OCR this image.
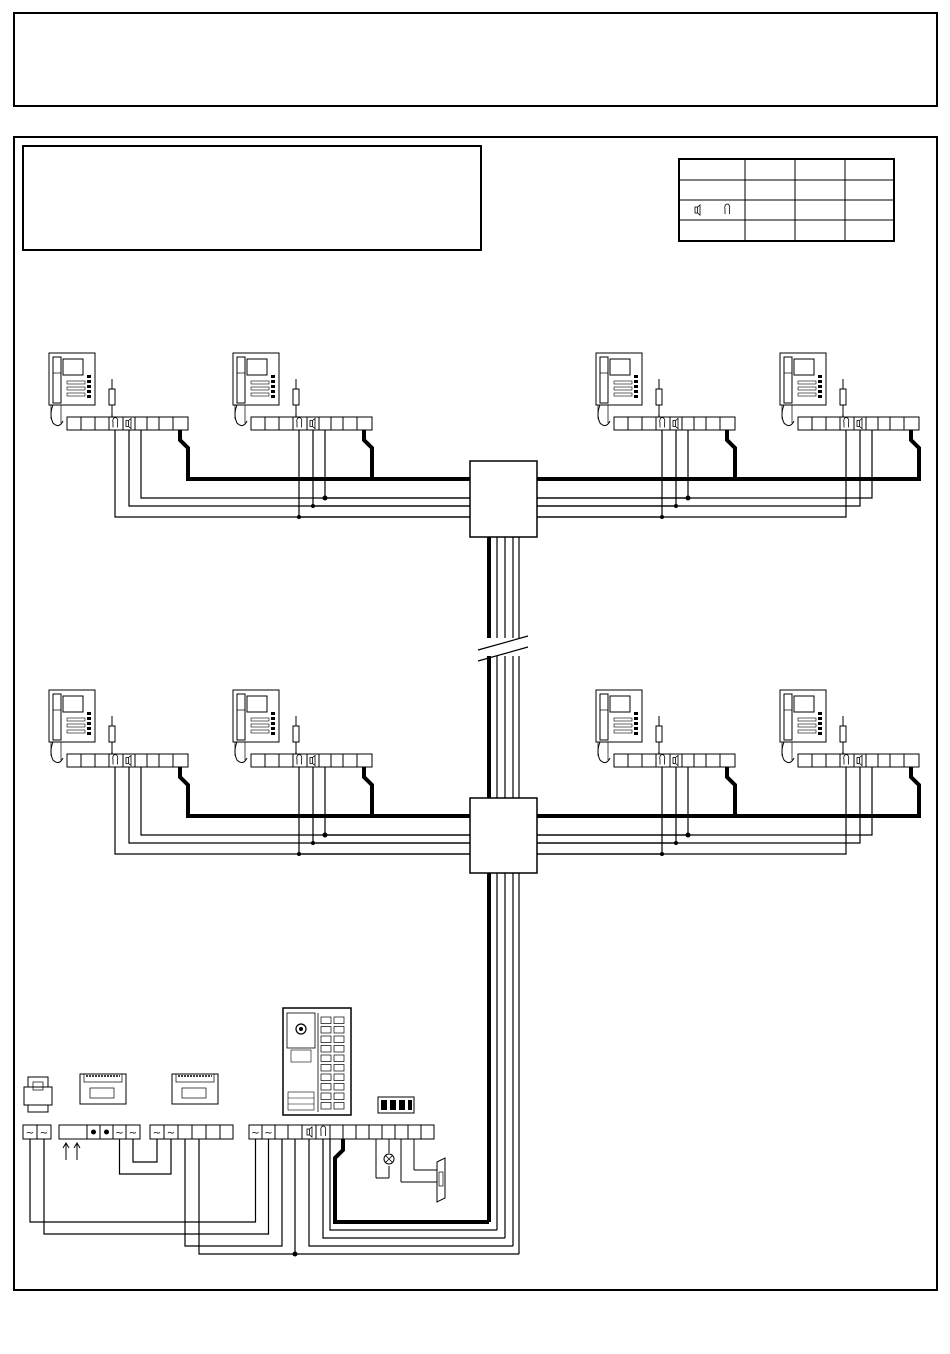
~ ~	~ ~ ~ ~	~ ~
